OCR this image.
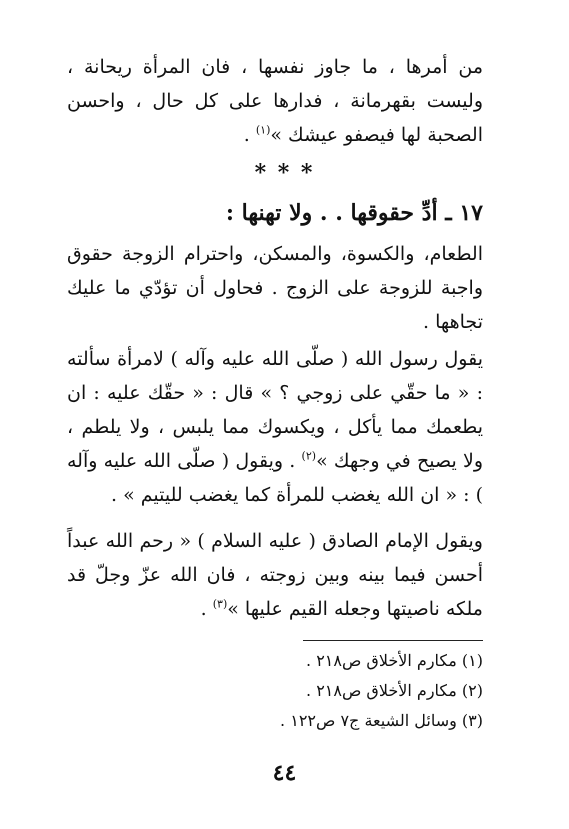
من أمرها ، ما جاوز نفسها ، فان المرأة ريحانة ، وليست بقهرمانة ، فدارها على كل حال ، واحسن الصحبة لها فيصفو عيشك »$^{(١)}$ .

* * *
١٧ ـ أدِّ حقوقها . . ولا تهنها :

الطعام، والكسوة، والمسكن، واحترام الزوجة حقوق واجبة للزوجة على الزوج . فحاول أن تؤدّي ما عليك تجاهها .

يقول رسول الله ( صلّى الله عليه وآله ) لامرأة سألته : « ما حقّي على زوجي ؟ » قال : « حقّك عليه : ان يطعمك مما يأكل ، ويكسوك مما يلبس ، ولا يلطم ، ولا يصيح في وجهك »$^{(٢)}$ . ويقول ( صلّى الله عليه وآله ) : « ان الله يغضب للمرأة كما يغضب لليتيم » .

ويقول الإمام الصادق ( عليه السلام ) « رحم الله عبداً أحسن فيما بينه وبين زوجته ، فان الله عزّ وجلّ قد ملكه ناصيتها وجعله القيم عليها »$^{(٣)}$ .

(١) مكارم الأخلاق ص٢١٨ .
(٢) مكارم الأخلاق ص٢١٨ .
(٣) وسائل الشيعة ج٧ ص١٢٢ .
٤٤
